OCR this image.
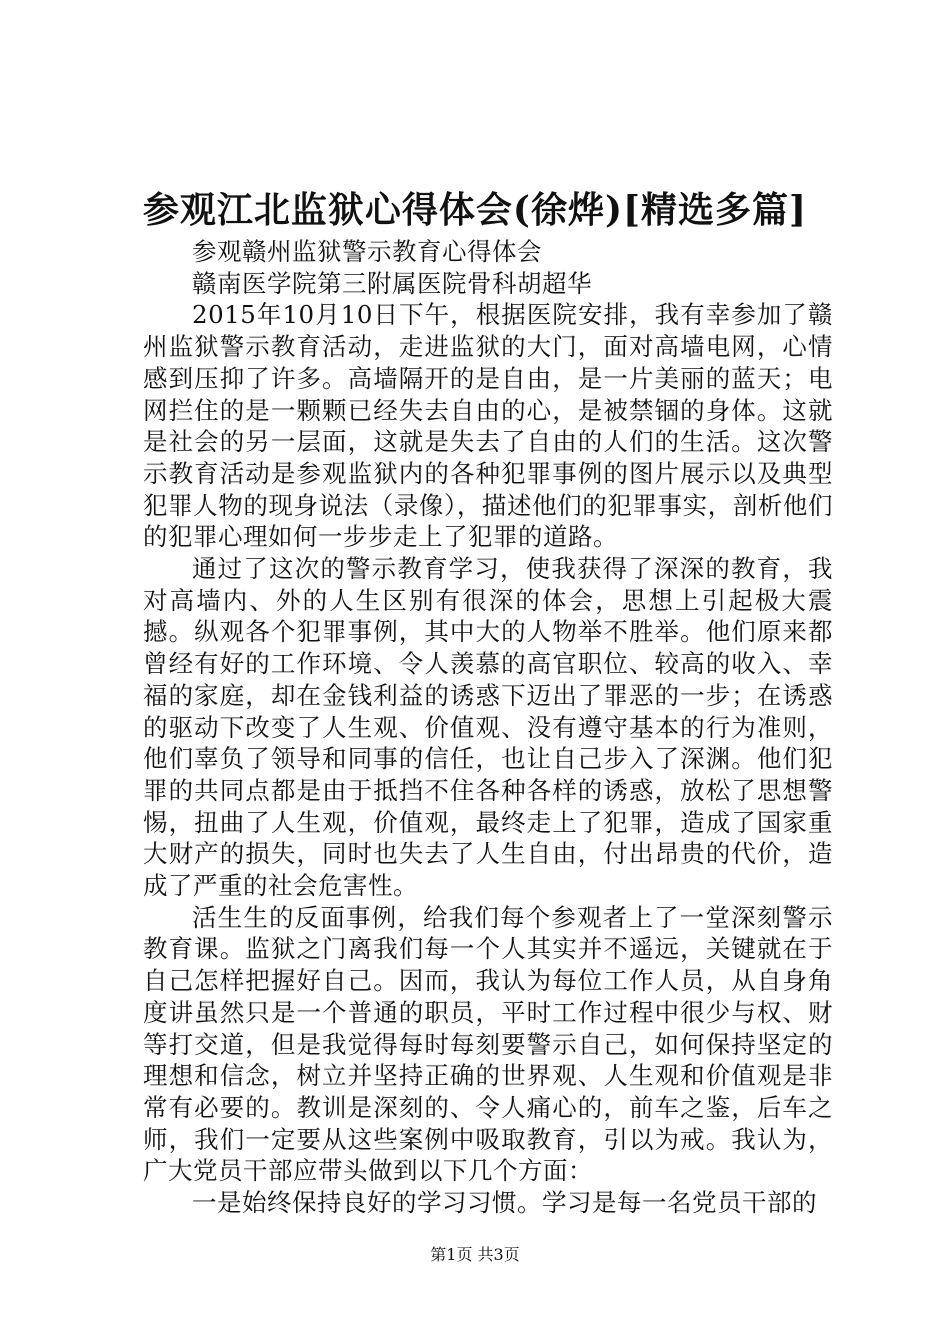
参观江北监狱心得体会(徐烨)[精选多篇]

参观赣州监狱警示教育心得体会

赣南医学院第三附属医院骨科胡超华

2015年10月10日下午，根据医院安排，我有幸参加了赣州监狱警示教育活动，走进监狱的大门，面对高墙电网，心情感到压抑了许多。高墙隔开的是自由，是一片美丽的蓝天；电网拦住的是一颗颗已经失去自由的心，是被禁锢的身体。这就是社会的另一层面，这就是失去了自由的人们的生活。这次警示教育活动是参观监狱内的各种犯罪事例的图片展示以及典型犯罪人物的现身说法（录像），描述他们的犯罪事实，剖析他们的犯罪心理如何一步步走上了犯罪的道路。

通过了这次的警示教育学习，使我获得了深深的教育，我对高墙内、外的人生区别有很深的体会，思想上引起极大震撼。纵观各个犯罪事例，其中大的人物举不胜举。他们原来都曾经有好的工作环境、令人羡慕的高官职位、较高的收入、幸福的家庭，却在金钱利益的诱惑下迈出了罪恶的一步；在诱惑的驱动下改变了人生观、价值观、没有遵守基本的行为准则，他们辜负了领导和同事的信任，也让自己步入了深渊。他们犯罪的共同点都是由于抵挡不住各种各样的诱惑，放松了思想警惕，扭曲了人生观，价值观，最终走上了犯罪，造成了国家重大财产的损失，同时也失去了人生自由，付出昂贵的代价，造成了严重的社会危害性。

活生生的反面事例，给我们每个参观者上了一堂深刻警示教育课。监狱之门离我们每一个人其实并不遥远，关键就在于自己怎样把握好自己。因而，我认为每位工作人员，从自身角度讲虽然只是一个普通的职员，平时工作过程中很少与权、财等打交道，但是我觉得每时每刻要警示自己，如何保持坚定的理想和信念，树立并坚持正确的世界观、人生观和价值观是非常有必要的。教训是深刻的、令人痛心的，前车之鉴，后车之师，我们一定要从这些案例中吸取教育，引以为戒。我认为，广大党员干部应带头做到以下几个方面：

一是始终保持良好的学习习惯。学习是每一名党员干部的

第1页 共3页
